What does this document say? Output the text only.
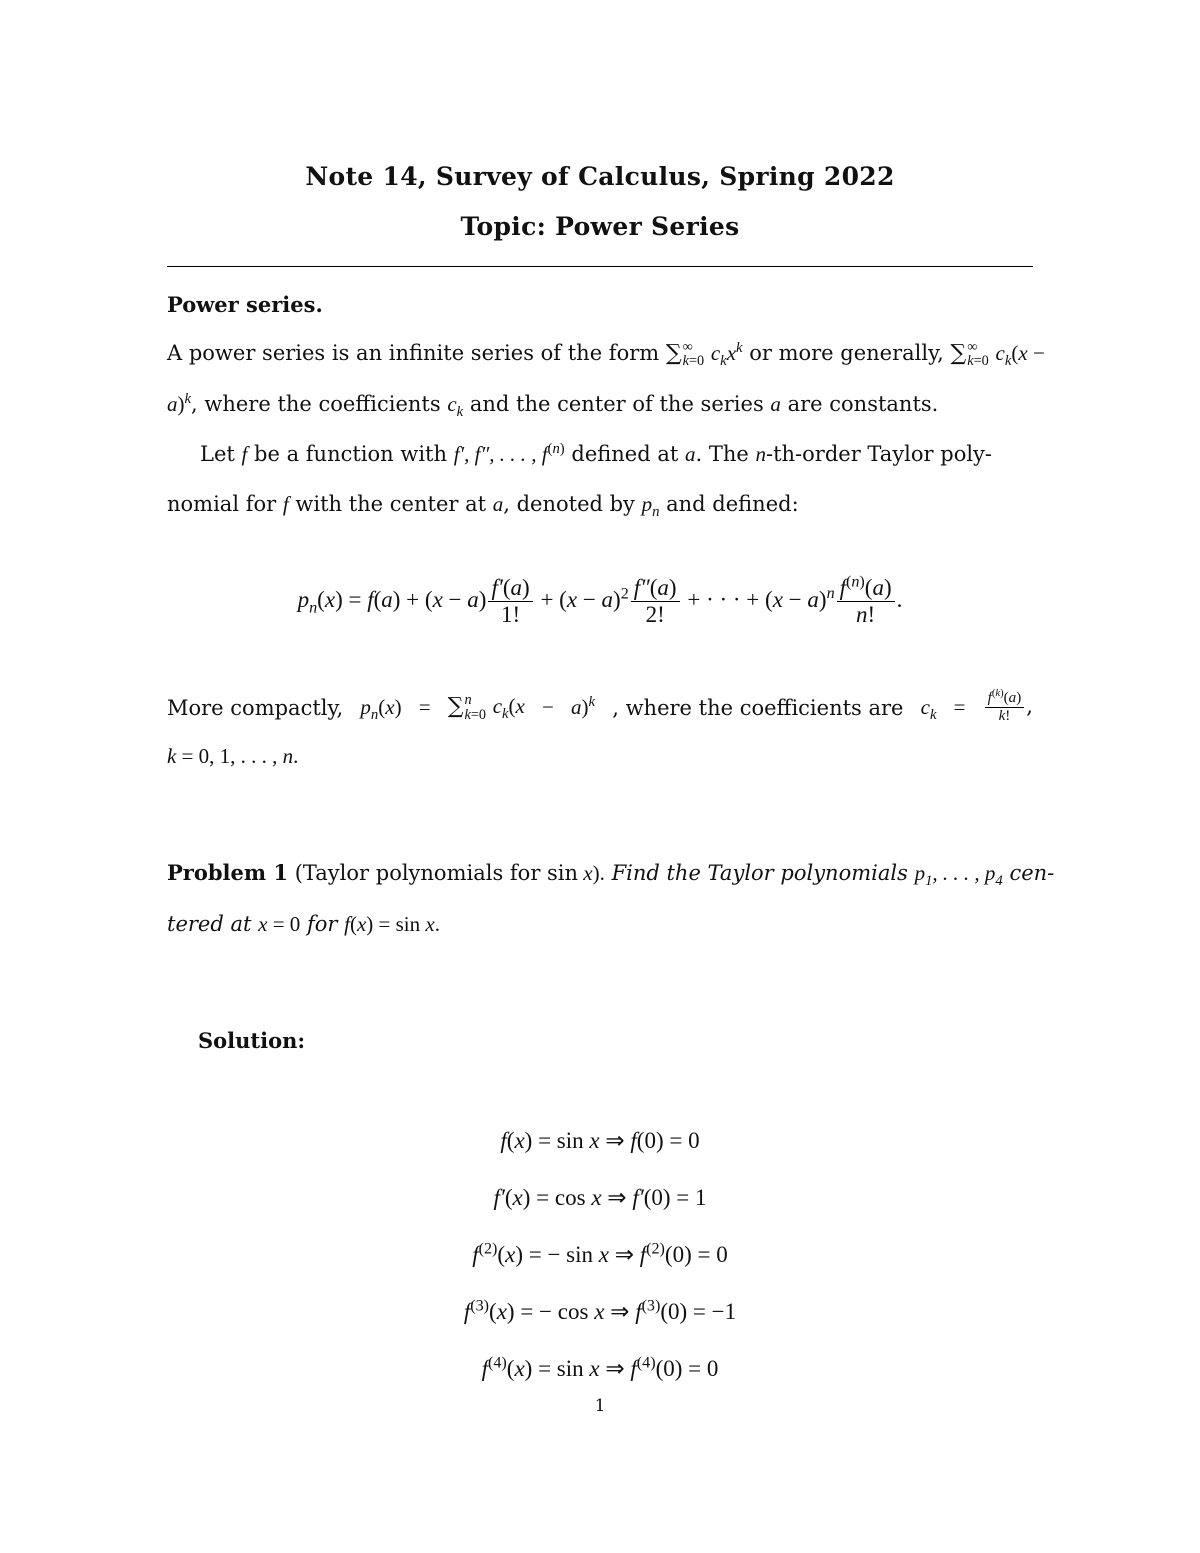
Note 14, Survey of Calculus, Spring 2022
Topic: Power Series
Power series.
A power series is an infinite series of the form ∑ ∞
k=0 $c_kx^k$ or more generally, ∑ ∞
k=0 $c_k(x$ −
a)$^k$, where the coefficients $c_k$ and the center of the series a are constants.
Let f be a function with f′, f″, . . . , $f^{(n)}$ defined at a. The n-th-order Taylor poly-
nomial for f with the center at a, denoted by $p_n$ and defined:
$p_n(x) = f(a) + (x - a) \frac{f'(a)}{1!} + (x - a)^2 \frac{f''(a)}{2!}$ + · · · + $(x - a)^n \frac{f^{(n)}(a)}{n!}$ .
More compactly, $p_n(x)$ = ∑ n
k=0 $c_k(x - a)^k$ , where the coefficients are $c_k = \frac{f^{(k)}(a)}{k!}$ ,
k = 0, 1, . . . , n.
Problem 1 (Taylor polynomials for sin x). Find the Taylor polynomials $p_1$, . . . , $p_4$ cen-
tered at x = 0 for f(x) = sin x.
Solution:
f(x) = sin x ⇒ f(0) = 0
f′(x) = cos x ⇒ f′(0) = 1
$f^{(2)}(x)$ = − sin x ⇒ $f^{(2)}(0) = 0$
$f^{(3)}(x)$ = − cos x ⇒ $f^{(3)}(0) = -1$
$f^{(4)}(x) = \sin x$ ⇒ $f^{(4)}(0) = 0$
1
